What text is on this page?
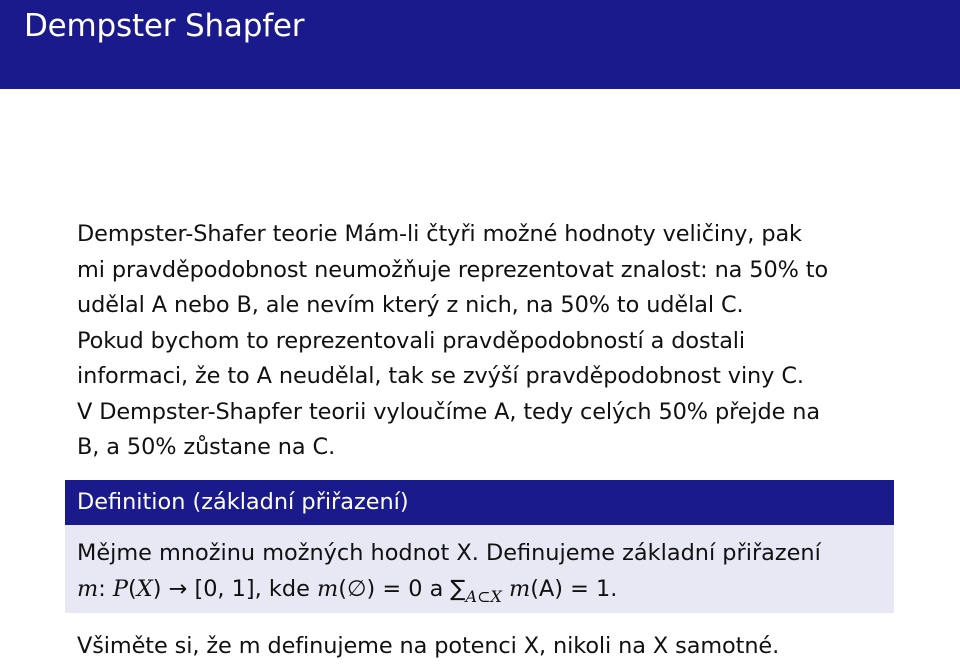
Dempster Shapfer

Dempster-Shafer teorie Mám-li čtyři možné hodnoty veličiny, pak
mi pravděpodobnost neumožňuje reprezentovat znalost: na 50% to
udělal A nebo B, ale nevím který z nich, na 50% to udělal C.
Pokud bychom to reprezentovali pravděpodobností a dostali
informaci, že to A neudělal, tak se zvýší pravděpodobnost viny C.
V Dempster-Shapfer teorii vyloučíme A, tedy celých 50% přejde na
B, a 50% zůstane na C.

Definition (základní přiřazení)
Mějme množinu možných hodnot X. Definujeme základní přiřazení
m: P(X) → [0, 1], kde m(∅) = 0 a $\sum_{A\subset X}$ m(A) = 1.

Všiměte si, že m definujeme na potenci X, nikoli na X samotné.
